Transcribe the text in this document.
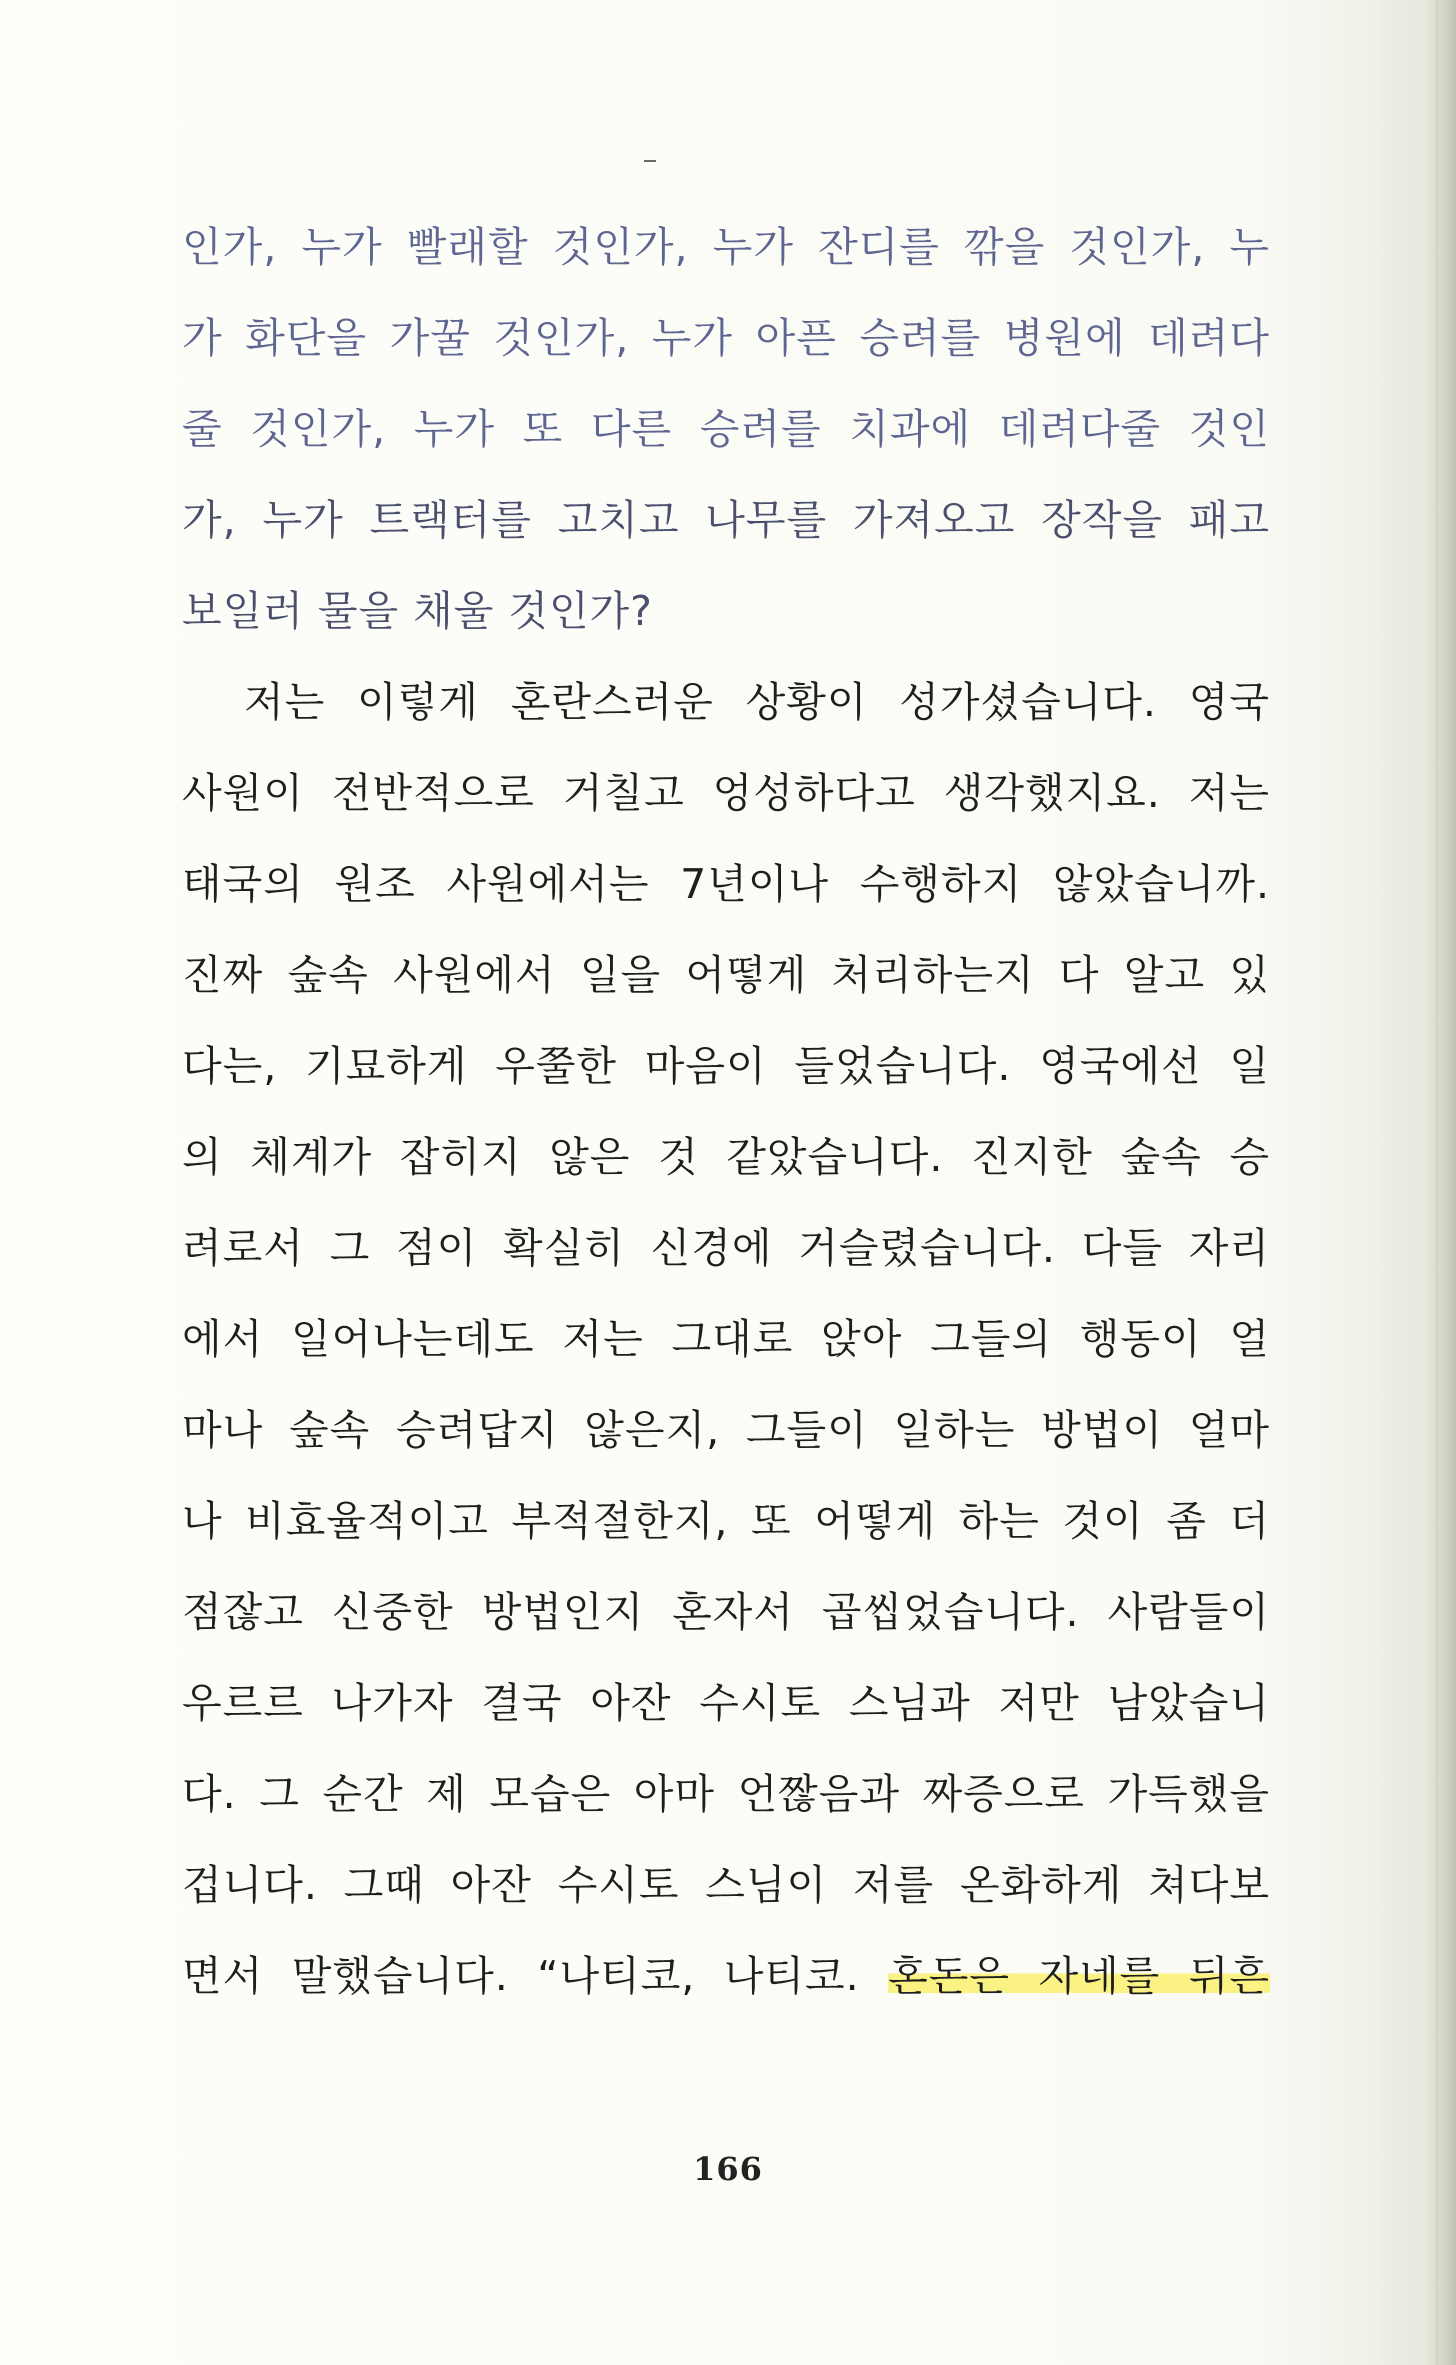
인가, 누가 빨래할 것인가, 누가 잔디를 깎을 것인가, 누
가 화단을 가꿀 것인가, 누가 아픈 승려를 병원에 데려다
줄 것인가, 누가 또 다른 승려를 치과에 데려다줄 것인
가, 누가 트랙터를 고치고 나무를 가져오고 장작을 패고
보일러 물을 채울 것인가?
저는 이렇게 혼란스러운 상황이 성가셨습니다. 영국
사원이 전반적으로 거칠고 엉성하다고 생각했지요. 저는
태국의 원조 사원에서는 7년이나 수행하지 않았습니까.
진짜 숲속 사원에서 일을 어떻게 처리하는지 다 알고 있
다는, 기묘하게 우쭐한 마음이 들었습니다. 영국에선 일
의 체계가 잡히지 않은 것 같았습니다. 진지한 숲속 승
려로서 그 점이 확실히 신경에 거슬렸습니다. 다들 자리
에서 일어나는데도 저는 그대로 앉아 그들의 행동이 얼
마나 숲속 승려답지 않은지, 그들이 일하는 방법이 얼마
나 비효율적이고 부적절한지, 또 어떻게 하는 것이 좀 더
점잖고 신중한 방법인지 혼자서 곱씹었습니다. 사람들이
우르르 나가자 결국 아잔 수시토 스님과 저만 남았습니
다. 그 순간 제 모습은 아마 언짢음과 짜증으로 가득했을
겁니다. 그때 아잔 수시토 스님이 저를 온화하게 쳐다보
면서 말했습니다. “나티코, 나티코. 혼돈은 자네를 뒤흔
166
